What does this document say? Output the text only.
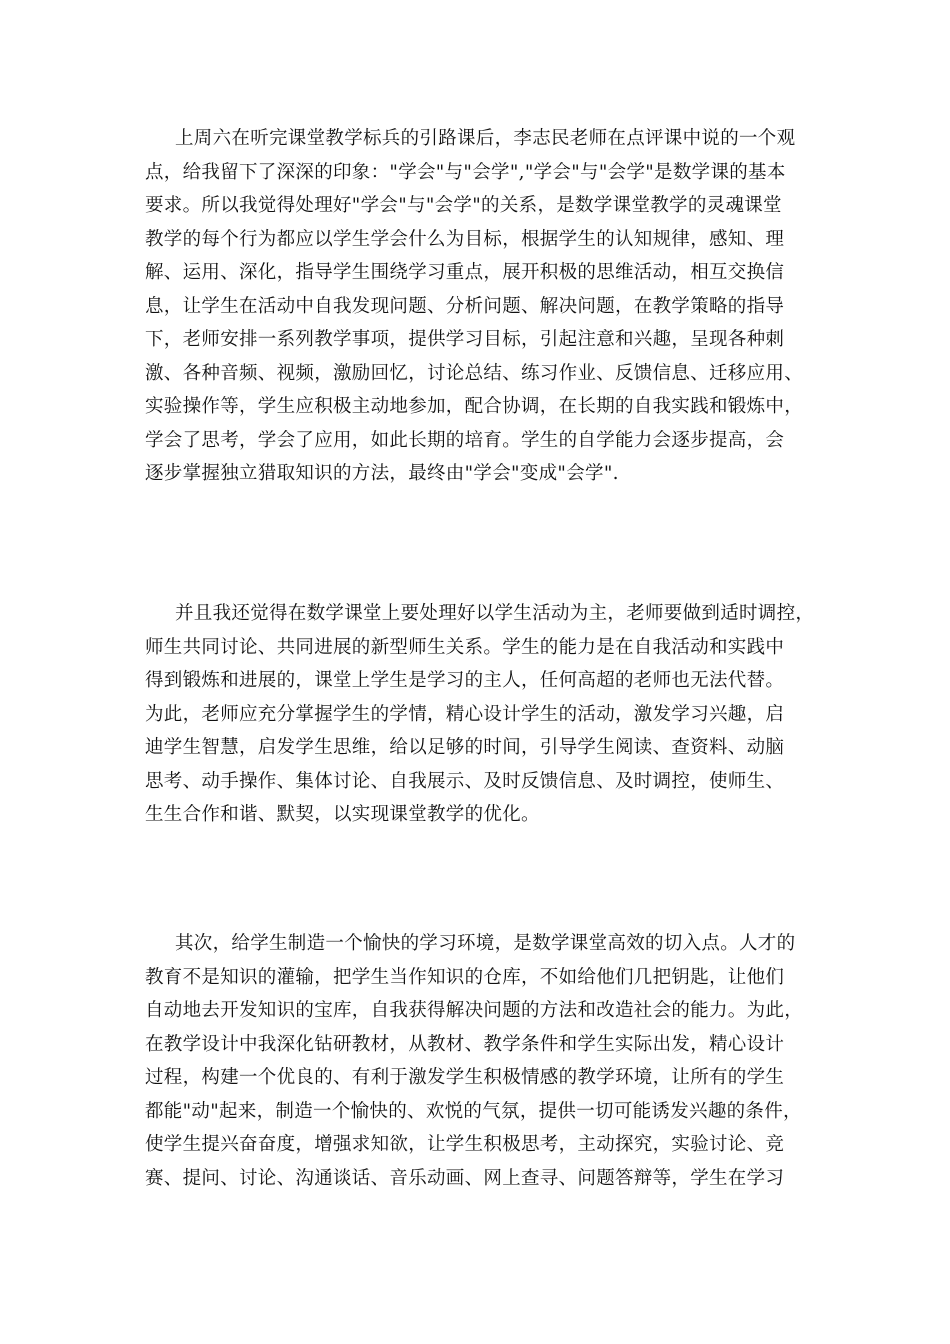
上周六在听完课堂教学标兵的引路课后，李志民老师在点评课中说的一个观
点，给我留下了深深的印象："学会"与"会学","学会"与"会学"是数学课的基本
要求。所以我觉得处理好"学会"与"会学"的关系，是数学课堂教学的灵魂课堂
教学的每个行为都应以学生学会什么为目标，根据学生的认知规律，感知、理
解、运用、深化，指导学生围绕学习重点，展开积极的思维活动，相互交换信
息，让学生在活动中自我发现问题、分析问题、解决问题，在教学策略的指导
下，老师安排一系列教学事项，提供学习目标，引起注意和兴趣，呈现各种刺
激、各种音频、视频，激励回忆，讨论总结、练习作业、反馈信息、迁移应用、
实验操作等，学生应积极主动地参加，配合协调，在长期的自我实践和锻炼中，
学会了思考，学会了应用，如此长期的培育。学生的自学能力会逐步提高，会
逐步掌握独立猎取知识的方法，最终由"学会"变成"会学".
并且我还觉得在数学课堂上要处理好以学生活动为主，老师要做到适时调控，
师生共同讨论、共同进展的新型师生关系。学生的能力是在自我活动和实践中
得到锻炼和进展的，课堂上学生是学习的主人，任何高超的老师也无法代替。
为此，老师应充分掌握学生的学情，精心设计学生的活动，激发学习兴趣，启
迪学生智慧，启发学生思维，给以足够的时间，引导学生阅读、查资料、动脑
思考、动手操作、集体讨论、自我展示、及时反馈信息、及时调控，使师生、
生生合作和谐、默契，以实现课堂教学的优化。
其次，给学生制造一个愉快的学习环境，是数学课堂高效的切入点。人才的
教育不是知识的灌输，把学生当作知识的仓库，不如给他们几把钥匙，让他们
自动地去开发知识的宝库，自我获得解决问题的方法和改造社会的能力。为此，
在教学设计中我深化钻研教材，从教材、教学条件和学生实际出发，精心设计
过程，构建一个优良的、有利于激发学生积极情感的教学环境，让所有的学生
都能"动"起来，制造一个愉快的、欢悦的气氛，提供一切可能诱发兴趣的条件，
使学生提兴奋奋度，增强求知欲，让学生积极思考，主动探究，实验讨论、竞
赛、提问、讨论、沟通谈话、音乐动画、网上查寻、问题答辩等，学生在学习
